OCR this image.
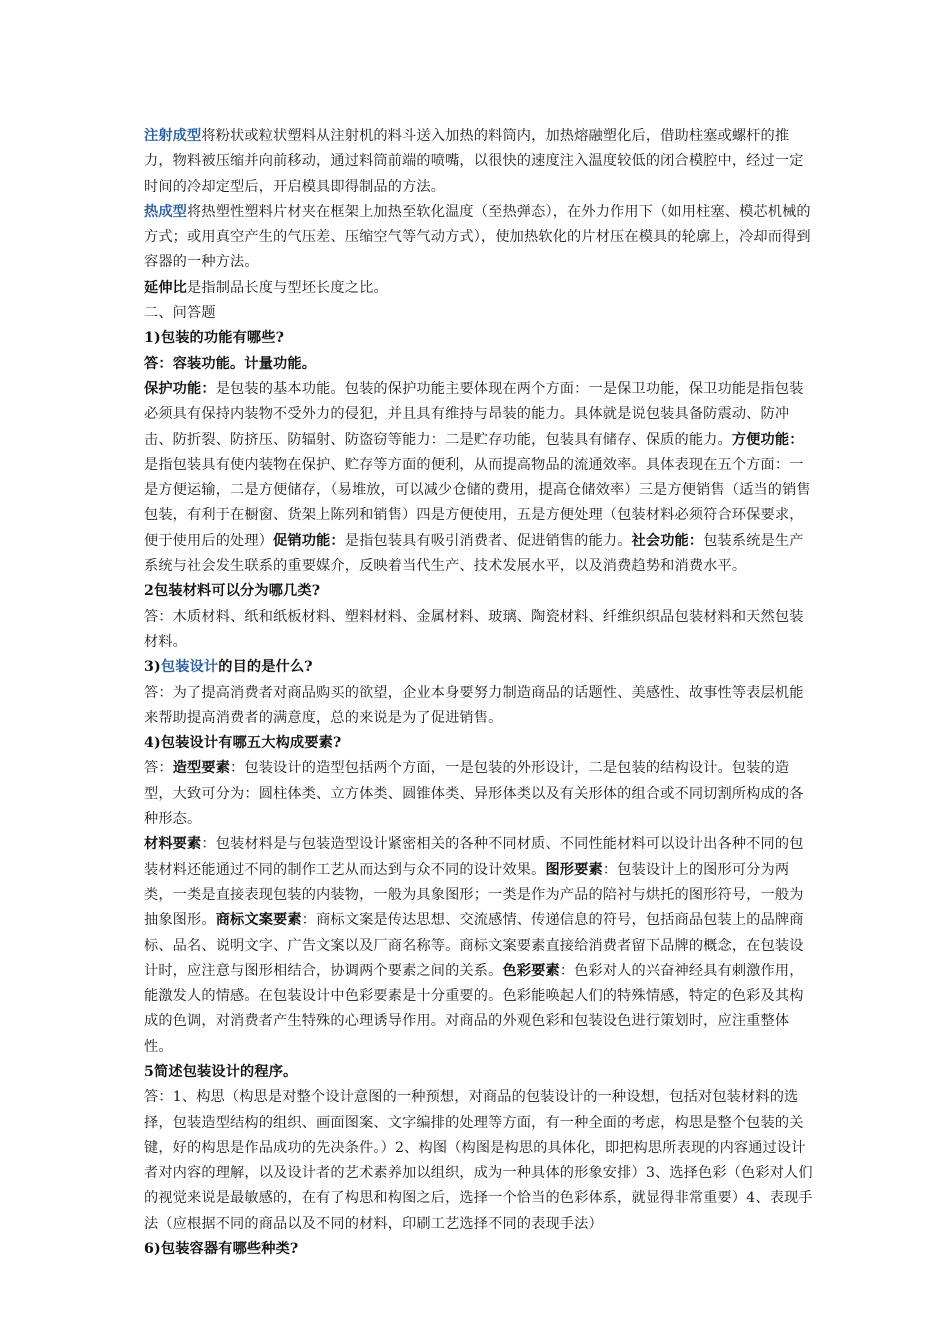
注射成型将粉状或粒状塑料从注射机的料斗送入加热的料筒内，加热熔融塑化后，借助柱塞或螺杆的推力，物料被压缩并向前移动，通过料筒前端的喷嘴，以很快的速度注入温度较低的闭合模腔中，经过一定时间的冷却定型后，开启模具即得制品的方法。

热成型将热塑性塑料片材夹在框架上加热至软化温度（至热弹态），在外力作用下（如用柱塞、模芯机械的方式；或用真空产生的气压差、压缩空气等气动方式），使加热软化的片材压在模具的轮廓上，冷却而得到容器的一种方法。

延伸比是指制品长度与型坯长度之比。

二、问答题

1)包装的功能有哪些?

答：容装功能。计量功能。

保护功能：是包装的基本功能。包装的保护功能主要体现在两个方面：一是保卫功能，保卫功能是指包装必须具有保持内装物不受外力的侵犯，并且具有维持与昂装的能力。具体就是说包装具备防震动、防冲击、防折裂、防挤压、防辐射、防盗窃等能力：二是贮存功能，包装具有储存、保质的能力。方便功能：是指包装具有使内装物在保护、贮存等方面的便利，从而提高物品的流通效率。具体表现在五个方面：一是方便运输，二是方便储存，（易堆放，可以减少仓储的费用，提高仓储效率）三是方便销售（适当的销售包装，有利于在橱窗、货架上陈列和销售）四是方便使用，五是方便处理（包装材料必须符合环保要求，便于使用后的处理）促销功能：是指包装具有吸引消费者、促进销售的能力。社会功能：包装系统是生产系统与社会发生联系的重要媒介，反映着当代生产、技术发展水平，以及消费趋势和消费水平。

2包装材料可以分为哪几类?

答：木质材料、纸和纸板材料、塑料材料、金属材料、玻璃、陶瓷材料、纤维织织品包装材料和天然包装材料。

3)包装设计的目的是什么?

答：为了提高消费者对商品购买的欲望，企业本身要努力制造商品的话题性、美感性、故事性等表层机能来帮助提高消费者的满意度，总的来说是为了促进销售。

4)包装设计有哪五大构成要素?

答：造型要素：包装设计的造型包括两个方面，一是包装的外形设计，二是包装的结构设计。包装的造型，大致可分为：圆柱体类、立方体类、圆锥体类、异形体类以及有关形体的组合或不同切割所构成的各种形态。

材料要素：包装材料是与包装造型设计紧密相关的各种不同材质、不同性能材料可以设计出各种不同的包装材料还能通过不同的制作工艺从而达到与众不同的设计效果。图形要素：包装设计上的图形可分为两类，一类是直接表现包装的内装物，一般为具象图形；一类是作为产品的陪衬与烘托的图形符号，一般为抽象图形。商标文案要素：商标文案是传达思想、交流感情、传递信息的符号，包括商品包装上的品牌商标、品名、说明文字、广告文案以及厂商名称等。商标文案要素直接给消费者留下品牌的概念，在包装设计时，应注意与图形相结合，协调两个要素之间的关系。色彩要素：色彩对人的兴奋神经具有刺激作用，能激发人的情感。在包装设计中色彩要素是十分重要的。色彩能唤起人们的特殊情感，特定的色彩及其构成的色调，对消费者产生特殊的心理诱导作用。对商品的外观色彩和包装设色进行策划时，应注重整体性。

5简述包装设计的程序。

答：1、构思（构思是对整个设计意图的一种预想，对商品的包装设计的一种设想，包括对包装材料的选择，包装造型结构的组织、画面图案、文字编排的处理等方面，有一种全面的考虑，构思是整个包装的关键，好的构思是作品成功的先决条件。）2、构图（构图是构思的具体化，即把构思所表现的内容通过设计者对内容的理解，以及设计者的艺术素养加以组织，成为一种具体的形象安排）3、选择色彩（色彩对人们的视觉来说是最敏感的，在有了构思和构图之后，选择一个恰当的色彩体系，就显得非常重要）4、表现手法（应根据不同的商品以及不同的材料，印刷工艺选择不同的表现手法）

6)包装容器有哪些种类?
